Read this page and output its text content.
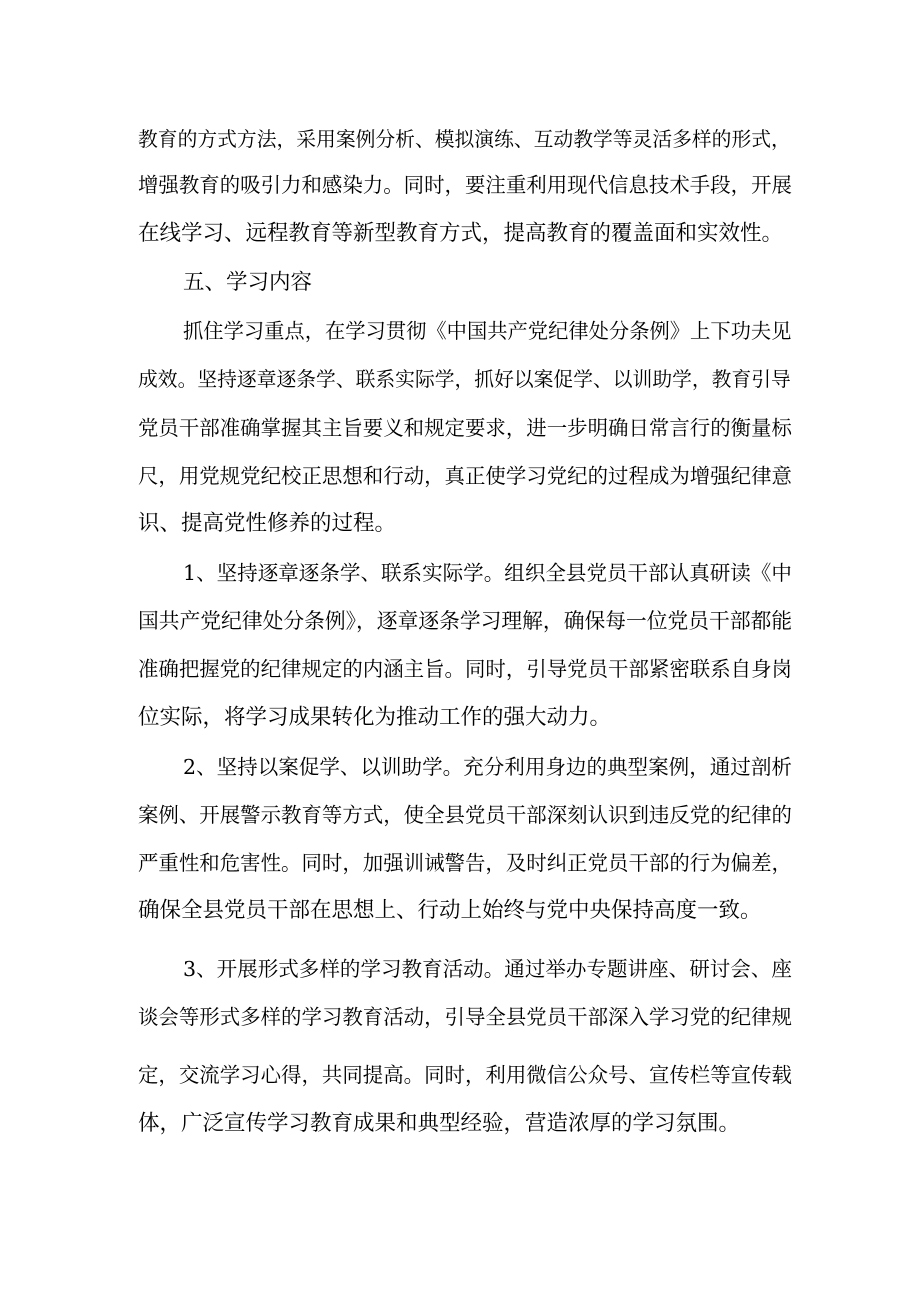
教育的方式方法，采用案例分析、模拟演练、互动教学等灵活多样的形式，
增强教育的吸引力和感染力。同时，要注重利用现代信息技术手段，开展
在线学习、远程教育等新型教育方式，提高教育的覆盖面和实效性。
五、学习内容
抓住学习重点，在学习贯彻《中国共产党纪律处分条例》上下功夫见
成效。坚持逐章逐条学、联系实际学，抓好以案促学、以训助学，教育引导
党员干部准确掌握其主旨要义和规定要求，进一步明确日常言行的衡量标
尺，用党规党纪校正思想和行动，真正使学习党纪的过程成为增强纪律意
识、提高党性修养的过程。
1、坚持逐章逐条学、联系实际学。组织全县党员干部认真研读《中
国共产党纪律处分条例》，逐章逐条学习理解，确保每一位党员干部都能
准确把握党的纪律规定的内涵主旨。同时，引导党员干部紧密联系自身岗
位实际，将学习成果转化为推动工作的强大动力。
2、坚持以案促学、以训助学。充分利用身边的典型案例，通过剖析
案例、开展警示教育等方式，使全县党员干部深刻认识到违反党的纪律的
严重性和危害性。同时，加强训诫警告，及时纠正党员干部的行为偏差，
确保全县党员干部在思想上、行动上始终与党中央保持高度一致。
3、开展形式多样的学习教育活动。通过举办专题讲座、研讨会、座
谈会等形式多样的学习教育活动，引导全县党员干部深入学习党的纪律规
定，交流学习心得，共同提高。同时，利用微信公众号、宣传栏等宣传载
体，广泛宣传学习教育成果和典型经验，营造浓厚的学习氛围。
